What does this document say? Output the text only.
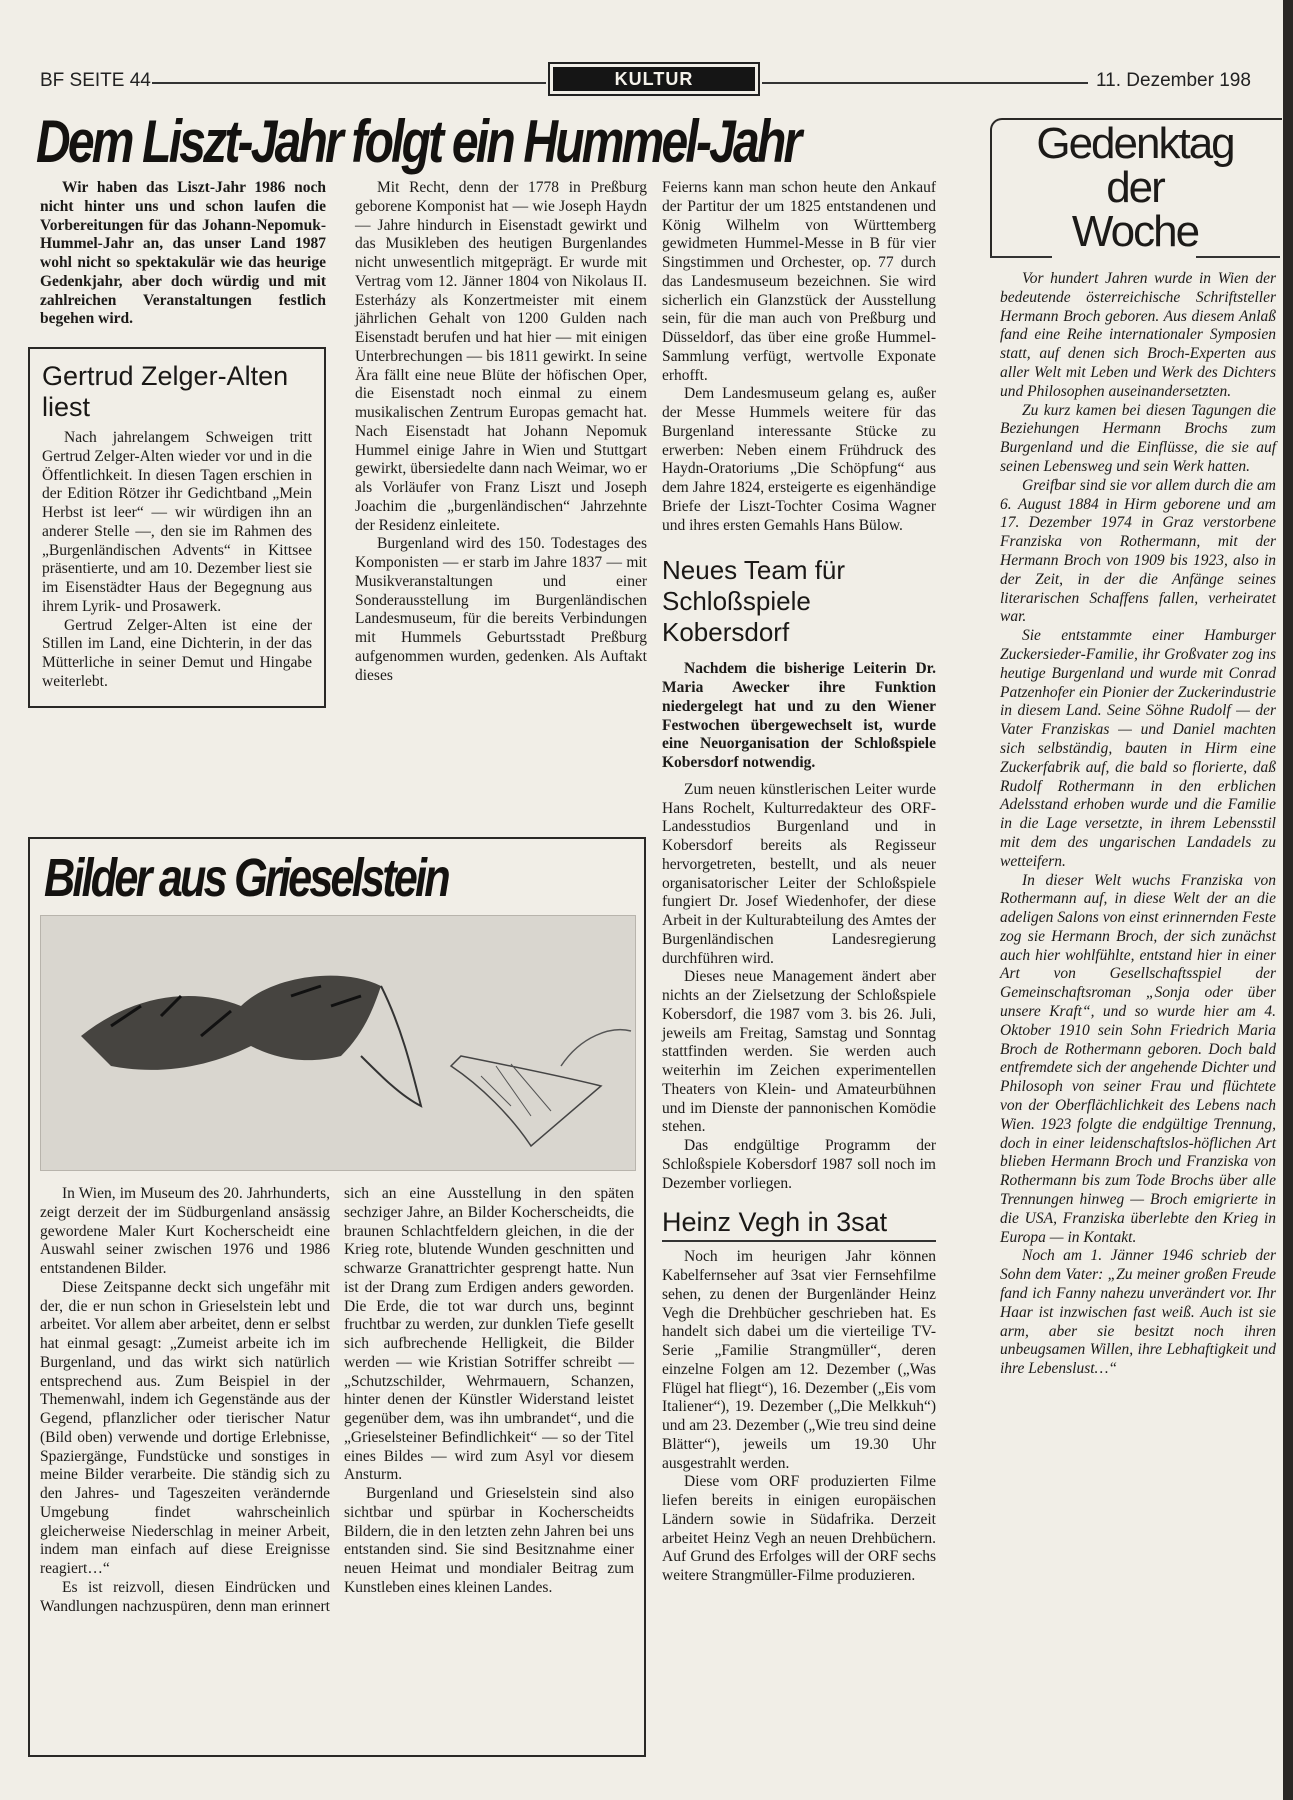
BF SEITE 44	KULTUR	11. Dezember 198
Dem Liszt-Jahr folgt ein Hummel-Jahr

Wir haben das Liszt-Jahr 1986 noch nicht hinter uns und schon laufen die Vorbereitungen für das Johann-Nepomuk-Hummel-Jahr an, das unser Land 1987 wohl nicht so spektakulär wie das heurige Gedenkjahr, aber doch würdig und mit zahlreichen Veranstaltungen festlich begehen wird.

Gertrud Zelger-Alten liest

Nach jahrelangem Schweigen tritt Gertrud Zelger-Alten wieder vor und in die Öffentlichkeit. In diesen Tagen erschien in der Edition Rötzer ihr Gedichtband „Mein Herbst ist leer“ — wir würdigen ihn an anderer Stelle —, den sie im Rahmen des „Burgenländischen Advents“ in Kittsee präsentierte, und am 10. Dezember liest sie im Eisenstädter Haus der Begegnung aus ihrem Lyrik- und Prosawerk.

Gertrud Zelger-Alten ist eine der Stillen im Land, eine Dichterin, in der das Mütterliche in seiner Demut und Hingabe weiterlebt.

Mit Recht, denn der 1778 in Preßburg geborene Komponist hat — wie Joseph Haydn — Jahre hindurch in Eisenstadt gewirkt und das Musikleben des heutigen Burgenlandes nicht unwesentlich mitgeprägt. Er wurde mit Vertrag vom 12. Jänner 1804 von Nikolaus II. Esterházy als Konzertmeister mit einem jährlichen Gehalt von 1200 Gulden nach Eisenstadt berufen und hat hier — mit einigen Unterbrechungen — bis 1811 gewirkt. In seine Ära fällt eine neue Blüte der höfischen Oper, die Eisenstadt noch einmal zu einem musikalischen Zentrum Europas gemacht hat. Nach Eisenstadt hat Johann Nepomuk Hummel einige Jahre in Wien und Stuttgart gewirkt, übersiedelte dann nach Weimar, wo er als Vorläufer von Franz Liszt und Joseph Joachim die „burgenländischen“ Jahrzehnte der Residenz einleitete.

Burgenland wird des 150. Todestages des Komponisten — er starb im Jahre 1837 — mit Musikveranstaltungen und einer Sonderausstellung im Burgenländischen Landesmuseum, für die bereits Verbindungen mit Hummels Geburtsstadt Preßburg aufgenommen wurden, gedenken. Als Auftakt dieses

Feierns kann man schon heute den Ankauf der Partitur der um 1825 entstandenen und König Wilhelm von Württemberg gewidmeten Hummel-Messe in B für vier Singstimmen und Orchester, op. 77 durch das Landesmuseum bezeichnen. Sie wird sicherlich ein Glanzstück der Ausstellung sein, für die man auch von Preßburg und Düsseldorf, das über eine große Hummel-Sammlung verfügt, wertvolle Exponate erhofft.

Dem Landesmuseum gelang es, außer der Messe Hummels weitere für das Burgenland interessante Stücke zu erwerben: Neben einem Frühdruck des Haydn-Oratoriums „Die Schöpfung“ aus dem Jahre 1824, ersteigerte es eigenhändige Briefe der Liszt-Tochter Cosima Wagner und ihres ersten Gemahls Hans Bülow.

Neues Team für Schloßspiele Kobersdorf

Nachdem die bisherige Leiterin Dr. Maria Awecker ihre Funktion niedergelegt hat und zu den Wiener Festwochen übergewechselt ist, wurde eine Neuorganisation der Schloßspiele Kobersdorf notwendig.

Zum neuen künstlerischen Leiter wurde Hans Rochelt, Kulturredakteur des ORF-Landesstudios Burgenland und in Kobersdorf bereits als Regisseur hervorgetreten, bestellt, und als neuer organisatorischer Leiter der Schloßspiele fungiert Dr. Josef Wiedenhofer, der diese Arbeit in der Kulturabteilung des Amtes der Burgenländischen Landesregierung durchführen wird.

Dieses neue Management ändert aber nichts an der Zielsetzung der Schloßspiele Kobersdorf, die 1987 vom 3. bis 26. Juli, jeweils am Freitag, Samstag und Sonntag stattfinden werden. Sie werden auch weiterhin im Zeichen experimentellen Theaters von Klein- und Amateurbühnen und im Dienste der pannonischen Komödie stehen.

Das endgültige Programm der Schloßspiele Kobersdorf 1987 soll noch im Dezember vorliegen.

Heinz Vegh in 3sat

Noch im heurigen Jahr können Kabelfernseher auf 3sat vier Fernsehfilme sehen, zu denen der Burgenländer Heinz Vegh die Drehbücher geschrieben hat. Es handelt sich dabei um die vierteilige TV-Serie „Familie Strangmüller“, deren einzelne Folgen am 12. Dezember („Was Flügel hat fliegt“), 16. Dezember („Eis vom Italiener“), 19. Dezember („Die Melkkuh“) und am 23. Dezember („Wie treu sind deine Blätter“), jeweils um 19.30 Uhr ausgestrahlt werden.

Diese vom ORF produzierten Filme liefen bereits in einigen europäischen Ländern sowie in Südafrika. Derzeit arbeitet Heinz Vegh an neuen Drehbüchern. Auf Grund des Erfolges will der ORF sechs weitere Strangmüller-Filme produzieren.

Bilder aus Grieselstein

In Wien, im Museum des 20. Jahrhunderts, zeigt derzeit der im Südburgenland ansässig gewordene Maler Kurt Kocherscheidt eine Auswahl seiner zwischen 1976 und 1986 entstandenen Bilder.

Diese Zeitspanne deckt sich ungefähr mit der, die er nun schon in Grieselstein lebt und arbeitet. Vor allem aber arbeitet, denn er selbst hat einmal gesagt: „Zumeist arbeite ich im Burgenland, und das wirkt sich natürlich entsprechend aus. Zum Beispiel in der Themenwahl, indem ich Gegenstände aus der Gegend, pflanzlicher oder tierischer Natur (Bild oben) verwende und dortige Erlebnisse, Spaziergänge, Fundstücke und sonstiges in meine Bilder verarbeite. Die ständig sich zu den Jahres- und Tageszeiten verändernde Umgebung findet wahrscheinlich gleicherweise Niederschlag in meiner Arbeit, indem man einfach auf diese Ereignisse reagiert…“

Es ist reizvoll, diesen Eindrücken und Wandlungen nachzuspüren, denn man erinnert sich an eine Ausstellung in den späten sechziger Jahre, an Bilder Kocherscheidts, die braunen Schlachtfeldern gleichen, in die der Krieg rote, blutende Wunden geschnitten und schwarze Granattrichter gesprengt hatte. Nun ist der Drang zum Erdigen anders geworden. Die Erde, die tot war durch uns, beginnt fruchtbar zu werden, zur dunklen Tiefe gesellt sich aufbrechende Helligkeit, die Bilder werden — wie Kristian Sotriffer schreibt — „Schutzschilder, Wehrmauern, Schanzen, hinter denen der Künstler Widerstand leistet gegenüber dem, was ihn umbrandet“, und die „Grieselsteiner Befindlichkeit“ — so der Titel eines Bildes — wird zum Asyl vor diesem Ansturm.

Burgenland und Grieselstein sind also sichtbar und spürbar in Kocherscheidts Bildern, die in den letzten zehn Jahren bei uns entstanden sind. Sie sind Besitznahme einer neuen Heimat und mondialer Beitrag zum Kunstleben eines kleinen Landes.

Gedenktag
der
Woche

Vor hundert Jahren wurde in Wien der bedeutende österreichische Schriftsteller Hermann Broch geboren. Aus diesem Anlaß fand eine Reihe internationaler Symposien statt, auf denen sich Broch-Experten aus aller Welt mit Leben und Werk des Dichters und Philosophen auseinandersetzten.

Zu kurz kamen bei diesen Tagungen die Beziehungen Hermann Brochs zum Burgenland und die Einflüsse, die sie auf seinen Lebensweg und sein Werk hatten.

Greifbar sind sie vor allem durch die am 6. August 1884 in Hirm geborene und am 17. Dezember 1974 in Graz verstorbene Franziska von Rothermann, mit der Hermann Broch von 1909 bis 1923, also in der Zeit, in der die Anfänge seines literarischen Schaffens fallen, verheiratet war.

Sie entstammte einer Hamburger Zuckersieder-Familie, ihr Großvater zog ins heutige Burgenland und wurde mit Conrad Patzenhofer ein Pionier der Zuckerindustrie in diesem Land. Seine Söhne Rudolf — der Vater Franziskas — und Daniel machten sich selbständig, bauten in Hirm eine Zuckerfabrik auf, die bald so florierte, daß Rudolf Rothermann in den erblichen Adelsstand erhoben wurde und die Familie in die Lage versetzte, in ihrem Lebensstil mit dem des ungarischen Landadels zu wetteifern.

In dieser Welt wuchs Franziska von Rothermann auf, in diese Welt der an die adeligen Salons von einst erinnernden Feste zog sie Hermann Broch, der sich zunächst auch hier wohlfühlte, entstand hier in einer Art von Gesellschaftsspiel der Gemeinschaftsroman „Sonja oder über unsere Kraft“, und so wurde hier am 4. Oktober 1910 sein Sohn Friedrich Maria Broch de Rothermann geboren. Doch bald entfremdete sich der angehende Dichter und Philosoph von seiner Frau und flüchtete von der Oberflächlichkeit des Lebens nach Wien. 1923 folgte die endgültige Trennung, doch in einer leidenschaftslos-höflichen Art blieben Hermann Broch und Franziska von Rothermann bis zum Tode Brochs über alle Trennungen hinweg — Broch emigrierte in die USA, Franziska überlebte den Krieg in Europa — in Kontakt.

Noch am 1. Jänner 1946 schrieb der Sohn dem Vater: „Zu meiner großen Freude fand ich Fanny nahezu unverändert vor. Ihr Haar ist inzwischen fast weiß. Auch ist sie arm, aber sie besitzt noch ihren unbeugsamen Willen, ihre Lebhaftigkeit und ihre Lebenslust…“
